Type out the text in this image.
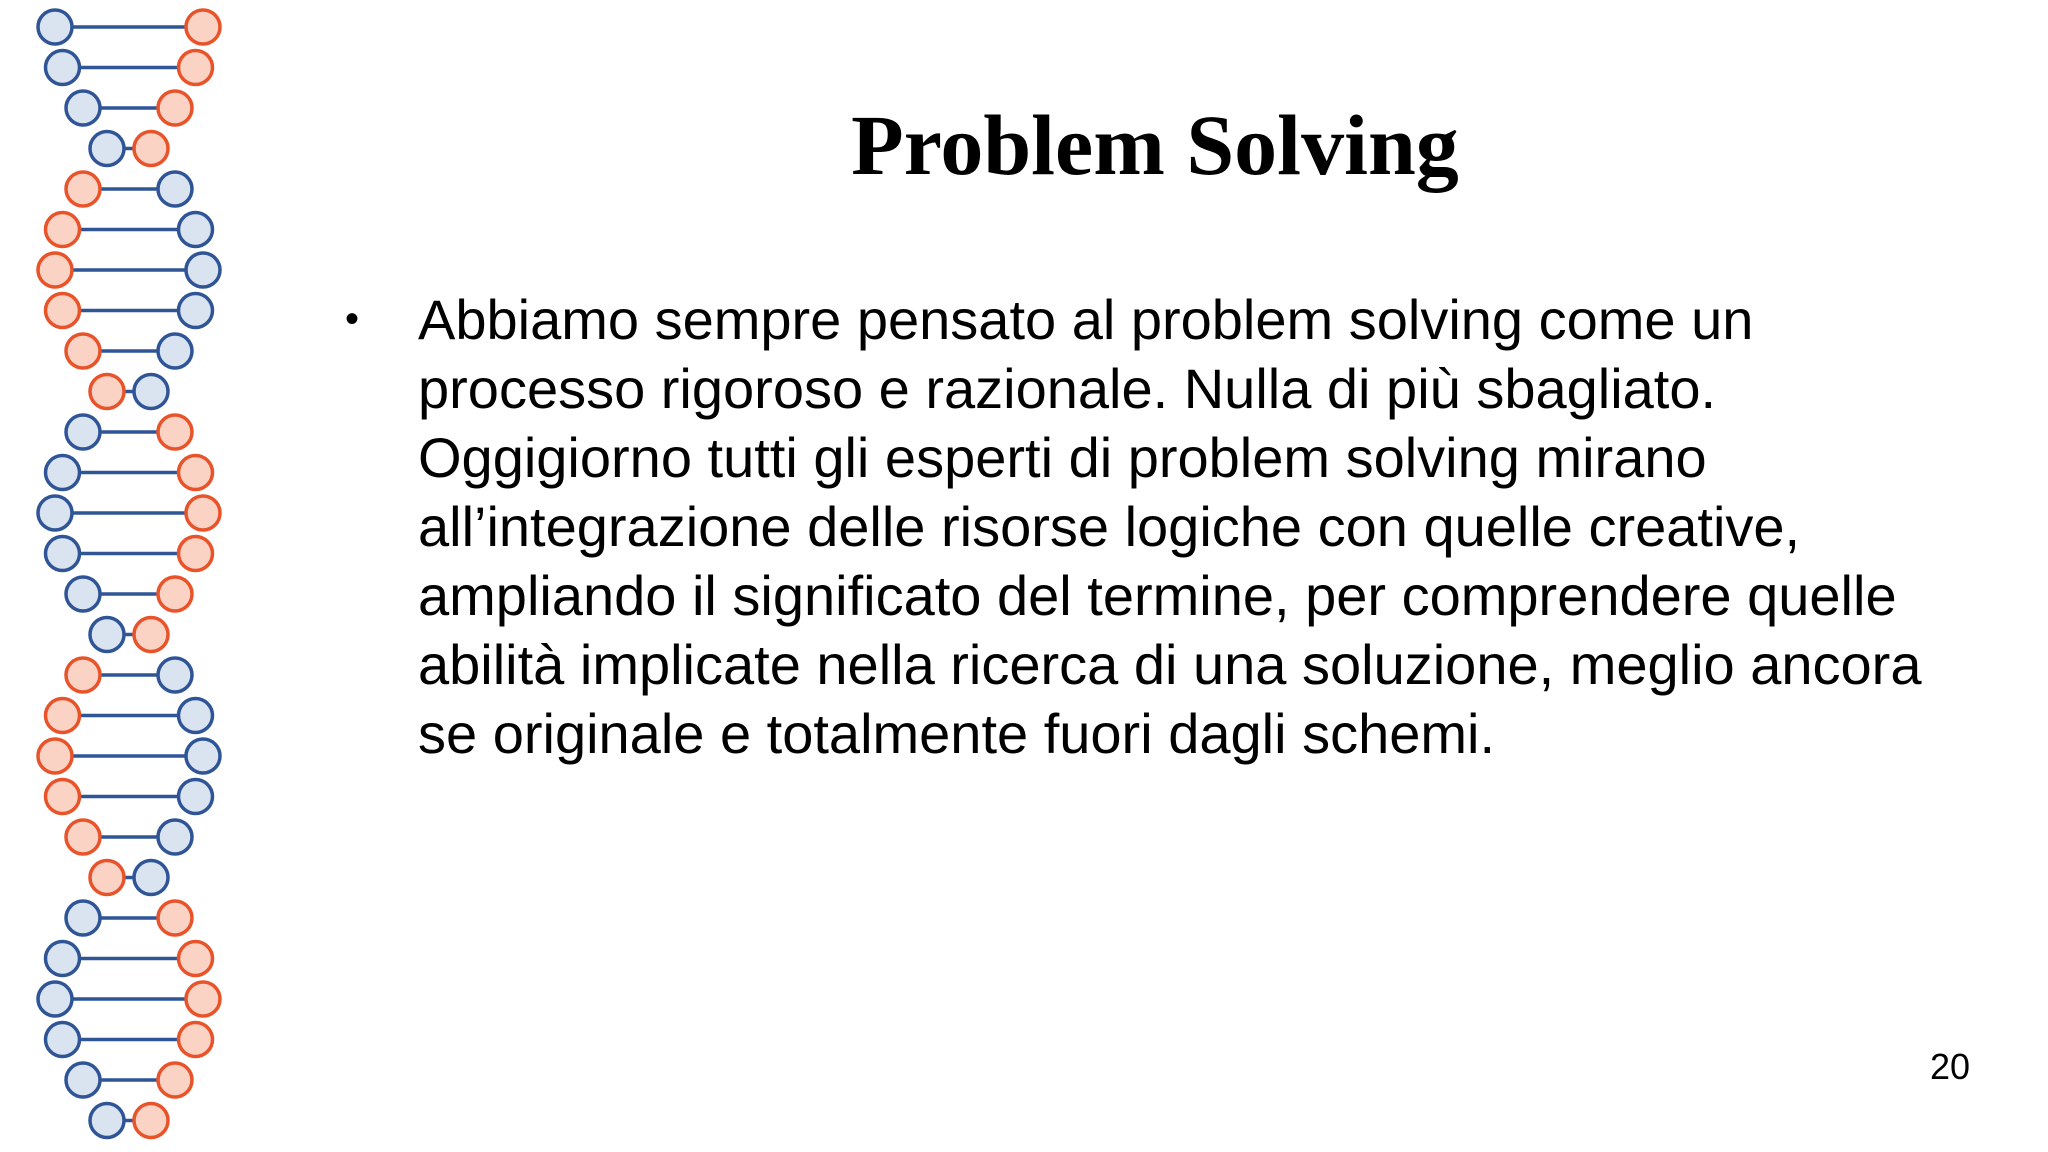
Problem Solving
• Abbiamo sempre pensato al problem solving come un processo rigoroso e razionale. Nulla di più sbagliato. Oggigiorno tutti gli esperti di problem solving mirano all’integrazione delle risorse logiche con quelle creative, ampliando il significato del termine, per comprendere quelle abilità implicate nella ricerca di una soluzione, meglio ancora se originale e totalmente fuori dagli schemi.
20
